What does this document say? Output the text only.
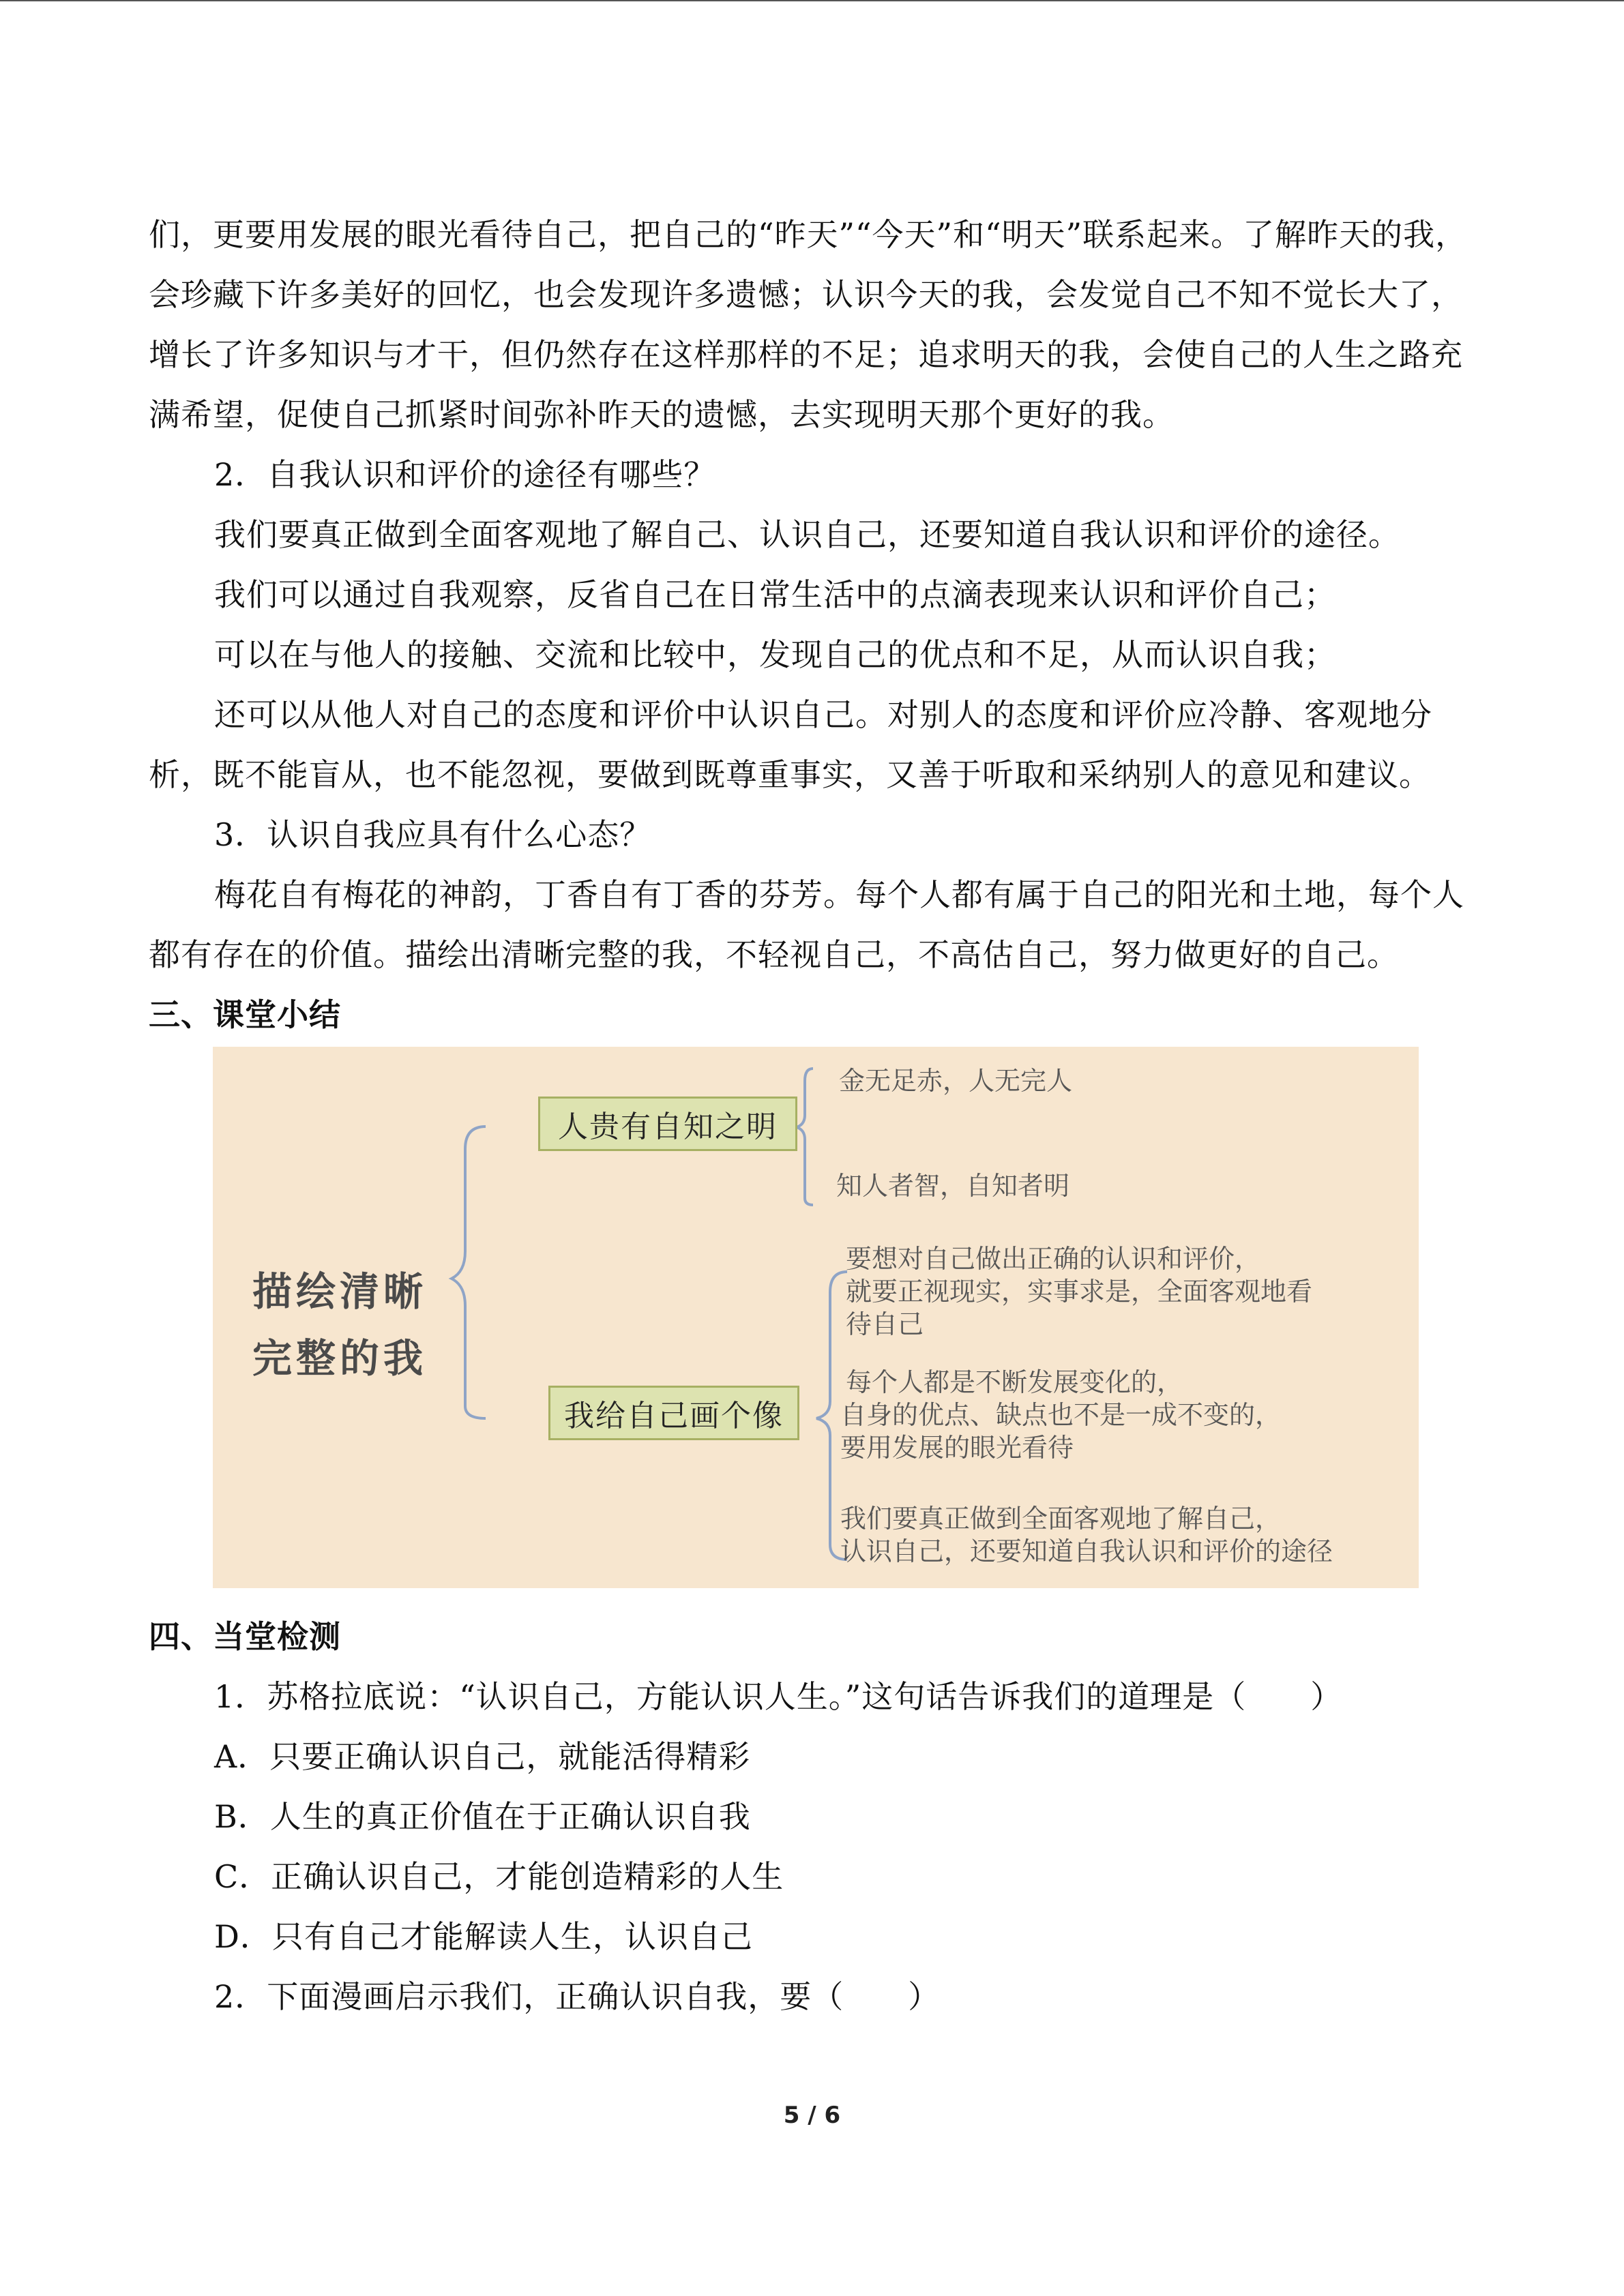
们，更要用发展的眼光看待自己，把自己的“昨天”“今天”和“明天”联系起来。了解昨天的我，会珍藏下许多美好的回忆，也会发现许多遗憾；认识今天的我，会发觉自己不知不觉长大了，增长了许多知识与才干，但仍然存在这样那样的不足；追求明天的我，会使自己的人生之路充满希望，促使自己抓紧时间弥补昨天的遗憾，去实现明天那个更好的我。

2．自我认识和评价的途径有哪些？
我们要真正做到全面客观地了解自己、认识自己，还要知道自我认识和评价的途径。
我们可以通过自我观察，反省自己在日常生活中的点滴表现来认识和评价自己；
可以在与他人的接触、交流和比较中，发现自己的优点和不足，从而认识自我；

还可以从他人对自己的态度和评价中认识自己。对别人的态度和评价应冷静、客观地分析，既不能盲从，也不能忽视，要做到既尊重事实，又善于听取和采纳别人的意见和建议。

3．认识自我应具有什么心态？

梅花自有梅花的神韵，丁香自有丁香的芬芳。每个人都有属于自己的阳光和土地，每个人都有存在的价值。描绘出清晰完整的我，不轻视自己，不高估自己，努力做更好的自己。

三、课堂小结
描绘清晰
完整的我
人贵有自知之明
金无足赤，人无完人
知人者智，自知者明
我给自己画个像
要想对自己做出正确的认识和评价，
就要正视现实，实事求是，全面客观地看
待自己
每个人都是不断发展变化的，
自身的优点、缺点也不是一成不变的，
要用发展的眼光看待
我们要真正做到全面客观地了解自己，
认识自己，还要知道自我认识和评价的途径
四、当堂检测
1．苏格拉底说：“认识自己，方能认识人生。”这句话告诉我们的道理是（　　）
A．只要正确认识自己，就能活得精彩
B．人生的真正价值在于正确认识自我
C．正确认识自己，才能创造精彩的人生
D．只有自己才能解读人生，认识自己
2．下面漫画启示我们，正确认识自我，要（　　）
5 / 6
